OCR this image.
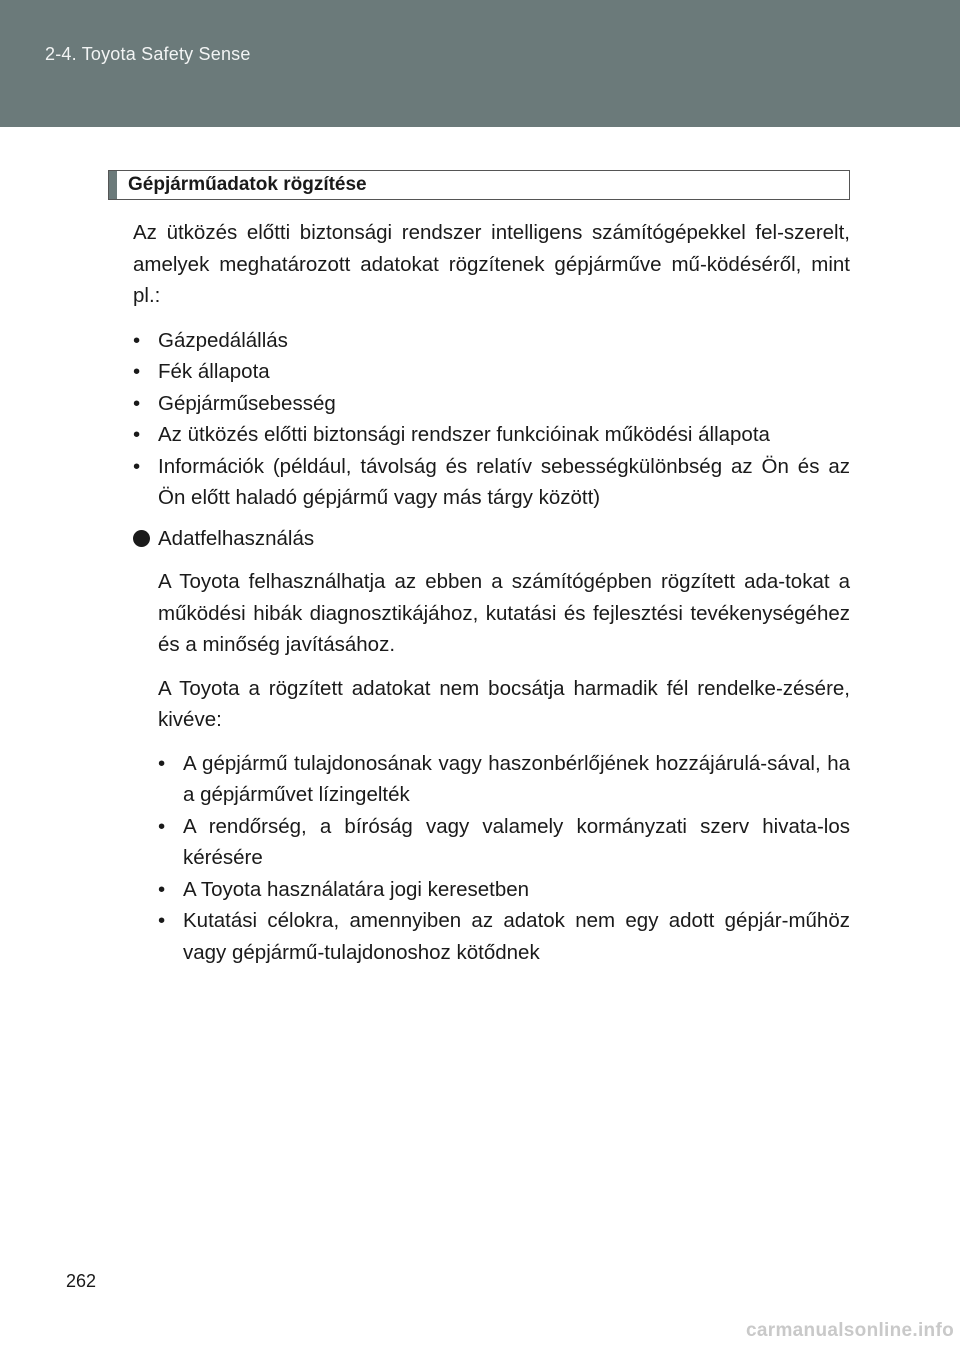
2-4. Toyota Safety Sense
Gépjárműadatok rögzítése

Az ütközés előtti biztonsági rendszer intelligens számítógépekkel fel-szerelt, amelyek meghatározott adatokat rögzítenek gépjárműve mű-ködéséről, mint pl.:

• Gázpedálállás
• Fék állapota
• Gépjárműsebesség
• Az ütközés előtti biztonsági rendszer funkcióinak működési állapota
• Információk (például, távolság és relatív sebességkülönbség az Ön és az Ön előtt haladó gépjármű vagy más tárgy között)
Adatfelhasználás

A Toyota felhasználhatja az ebben a számítógépben rögzített ada-tokat a működési hibák diagnosztikájához, kutatási és fejlesztési tevékenységéhez és a minőség javításához.

A Toyota a rögzített adatokat nem bocsátja harmadik fél rendelke-zésére, kivéve:

• A gépjármű tulajdonosának vagy haszonbérlőjének hozzájárulá-sával, ha a gépjárművet lízingelték
• A rendőrség, a bíróság vagy valamely kormányzati szerv hivata-los kérésére
• A Toyota használatára jogi keresetben
• Kutatási célokra, amennyiben az adatok nem egy adott gépjár-műhöz vagy gépjármű-tulajdonoshoz kötődnek
262
carmanualsonline.info
